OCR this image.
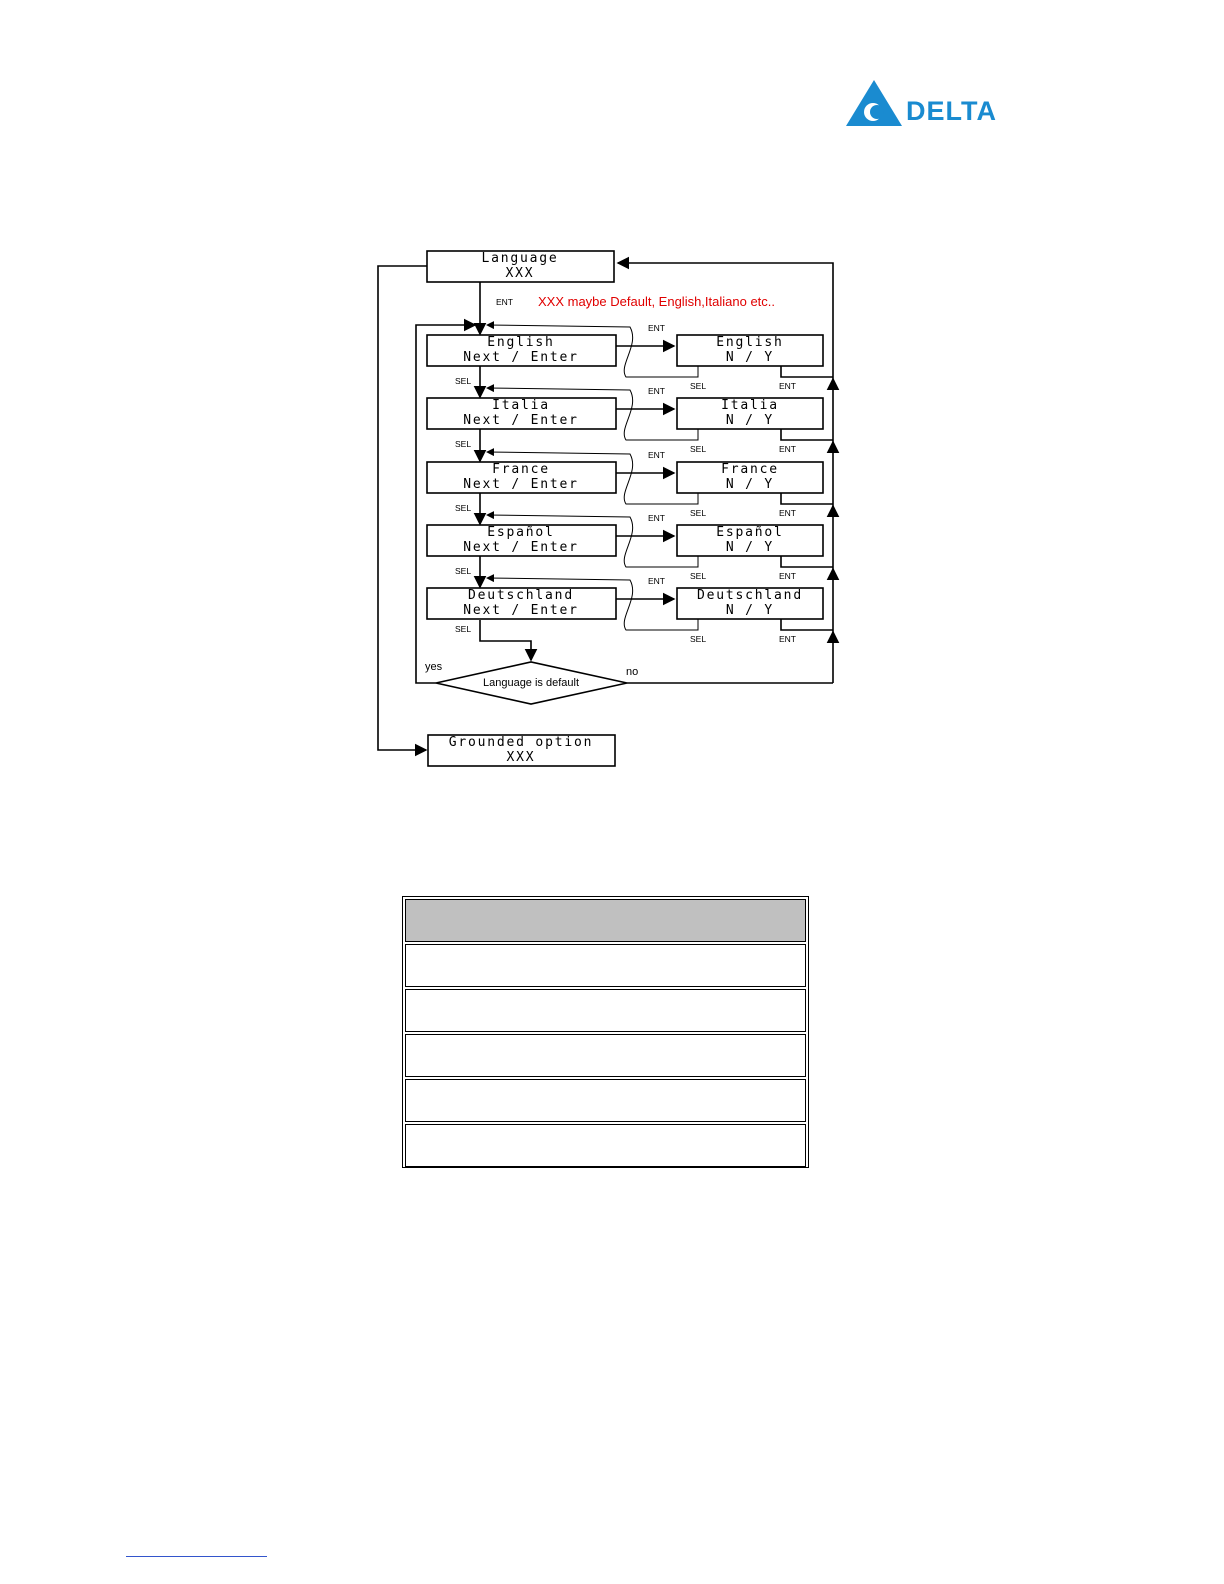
DELTA
Language
XXX
ENT XXX maybe Default, English,Italiano etc..
English
Next / Enter
English
N / Y
ENT
SEL	ENT
SEL
Italia
Next / Enter
Italia
N / Y
ENT
SEL	ENT
SEL
France
Next / Enter
France
N / Y
ENT
SEL	ENT
SEL
Español
Next / Enter
Español
N / Y
ENT
SEL	ENT
SEL
Deutschland
Next / Enter
Deutschland
N / Y
ENT
SEL	ENT
Language is default
yes	no
SEL
Grounded option
XXX
